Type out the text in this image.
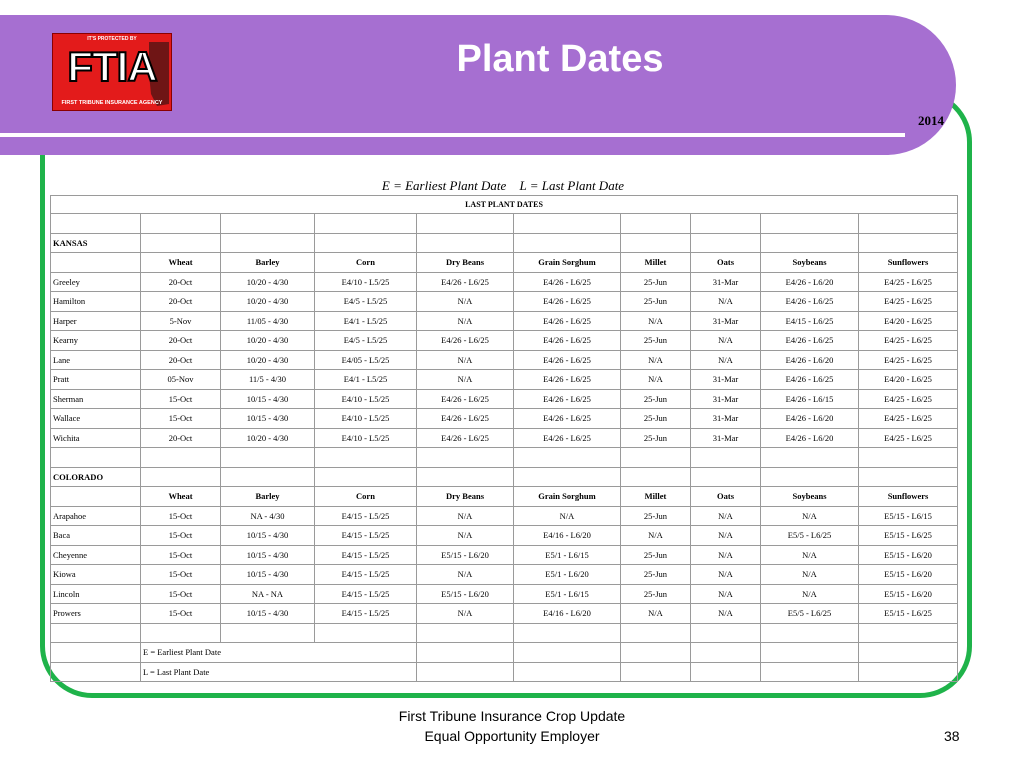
IT'S PROTECTED BY
FTIA
FIRST TRIBUNE INSURANCE AGENCY
Plant Dates
2014
E = Earliest Plant Date L = Last Plant Date
LAST PLANT DATES									

KANSAS									
	Wheat	Barley	Corn	Dry Beans	Grain Sorghum	Millet	Oats	Soybeans	Sunflowers
Greeley	20-Oct	10/20 - 4/30	E4/10 - L5/25	E4/26 - L6/25	E4/26 - L6/25	25-Jun	31-Mar	E4/26 - L6/20	E4/25 - L6/25
Hamilton	20-Oct	10/20 - 4/30	E4/5 - L5/25	N/A	E4/26 - L6/25	25-Jun	N/A	E4/26 - L6/25	E4/25 - L6/25
Harper	5-Nov	11/05 - 4/30	E4/1 - L5/25	N/A	E4/26 - L6/25	N/A	31-Mar	E4/15 - L6/25	E4/20 - L6/25
Kearny	20-Oct	10/20 - 4/30	E4/5 - L5/25	E4/26 - L6/25	E4/26 - L6/25	25-Jun	N/A	E4/26 - L6/25	E4/25 - L6/25
Lane	20-Oct	10/20 - 4/30	E4/05 - L5/25	N/A	E4/26 - L6/25	N/A	N/A	E4/26 - L6/20	E4/25 - L6/25
Pratt	05-Nov	11/5 - 4/30	E4/1 - L5/25	N/A	E4/26 - L6/25	N/A	31-Mar	E4/26 - L6/25	E4/20 - L6/25
Sherman	15-Oct	10/15 - 4/30	E4/10 - L5/25	E4/26 - L6/25	E4/26 - L6/25	25-Jun	31-Mar	E4/26 - L6/15	E4/25 - L6/25
Wallace	15-Oct	10/15 - 4/30	E4/10 - L5/25	E4/26 - L6/25	E4/26 - L6/25	25-Jun	31-Mar	E4/26 - L6/20	E4/25 - L6/25
Wichita	20-Oct	10/20 - 4/30	E4/10 - L5/25	E4/26 - L6/25	E4/26 - L6/25	25-Jun	31-Mar	E4/26 - L6/20	E4/25 - L6/25

COLORADO									
	Wheat	Barley	Corn	Dry Beans	Grain Sorghum	Millet	Oats	Soybeans	Sunflowers
Arapahoe	15-Oct	NA - 4/30	E4/15 - L5/25	N/A	N/A	25-Jun	N/A	N/A	E5/15 - L6/15
Baca	15-Oct	10/15 - 4/30	E4/15 - L5/25	N/A	E4/16 - L6/20	N/A	N/A	E5/5 - L6/25	E5/15 - L6/25
Cheyenne	15-Oct	10/15 - 4/30	E4/15 - L5/25	E5/15 - L6/20	E5/1 - L6/15	25-Jun	N/A	N/A	E5/15 - L6/20
Kiowa	15-Oct	10/15 - 4/30	E4/15 - L5/25	N/A	E5/1 - L6/20	25-Jun	N/A	N/A	E5/15 - L6/20
Lincoln	15-Oct	NA - NA	E4/15 - L5/25	E5/15 - L6/20	E5/1 - L6/15	25-Jun	N/A	N/A	E5/15 - L6/20
Prowers	15-Oct	10/15 - 4/30	E4/15 - L5/25	N/A	E4/16 - L6/20	N/A	N/A	E5/5 - L6/25	E5/15 - L6/25

	E = Earliest Plant Date								
	L = Last Plant Date								
First Tribune Insurance Crop Update
Equal Opportunity Employer	38
